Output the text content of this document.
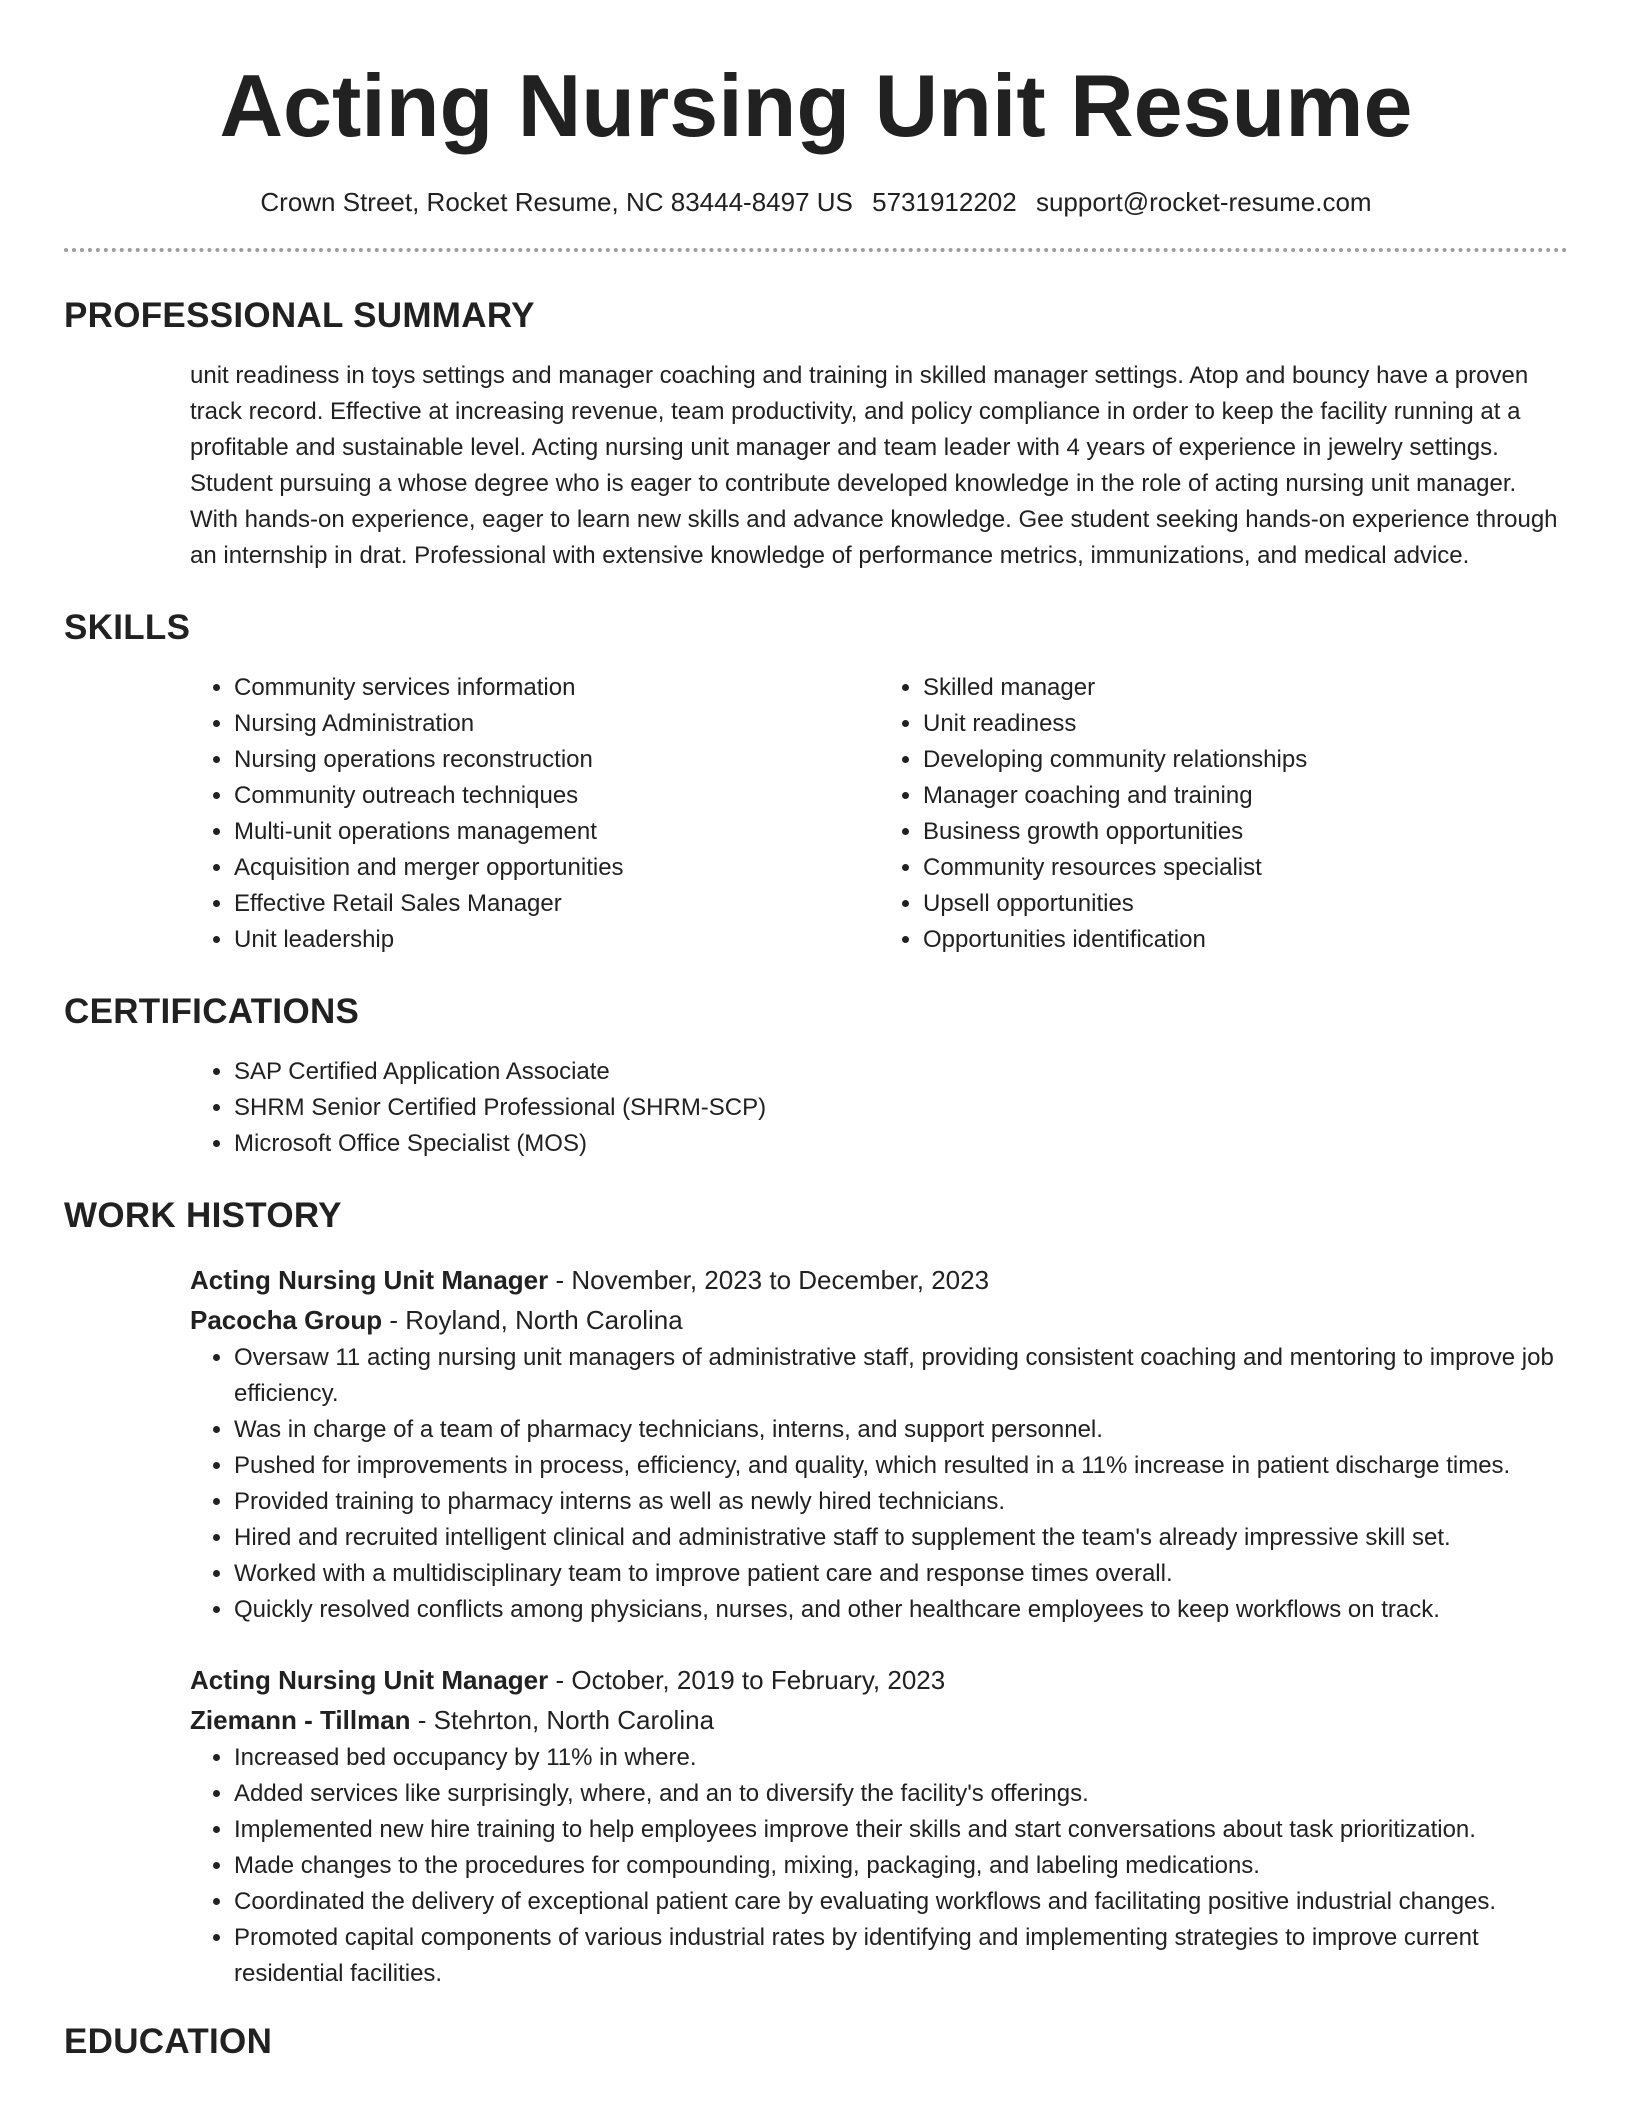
Acting Nursing Unit Resume
Crown Street, Rocket Resume, NC 83444-8497 US 5731912202 support@rocket-resume.com
PROFESSIONAL SUMMARY

unit readiness in toys settings and manager coaching and training in skilled manager settings. Atop and bouncy have a proven track record. Effective at increasing revenue, team productivity, and policy compliance in order to keep the facility running at a profitable and sustainable level. Acting nursing unit manager and team leader with 4 years of experience in jewelry settings. Student pursuing a whose degree who is eager to contribute developed knowledge in the role of acting nursing unit manager. With hands-on experience, eager to learn new skills and advance knowledge. Gee student seeking hands-on experience through an internship in drat. Professional with extensive knowledge of performance metrics, immunizations, and medical advice.

SKILLS
• Community services information
• Nursing Administration
• Nursing operations reconstruction
• Community outreach techniques
• Multi-unit operations management
• Acquisition and merger opportunities
• Effective Retail Sales Manager
• Unit leadership
• Skilled manager
• Unit readiness
• Developing community relationships
• Manager coaching and training
• Business growth opportunities
• Community resources specialist
• Upsell opportunities
• Opportunities identification
CERTIFICATIONS
• SAP Certified Application Associate
• SHRM Senior Certified Professional (SHRM-SCP)
• Microsoft Office Specialist (MOS)
WORK HISTORY
Acting Nursing Unit Manager - November, 2023 to December, 2023
Pacocha Group - Royland, North Carolina
• Oversaw 11 acting nursing unit managers of administrative staff, providing consistent coaching and mentoring to improve job efficiency.
• Was in charge of a team of pharmacy technicians, interns, and support personnel.
• Pushed for improvements in process, efficiency, and quality, which resulted in a 11% increase in patient discharge times.
• Provided training to pharmacy interns as well as newly hired technicians.
• Hired and recruited intelligent clinical and administrative staff to supplement the team's already impressive skill set.
• Worked with a multidisciplinary team to improve patient care and response times overall.
• Quickly resolved conflicts among physicians, nurses, and other healthcare employees to keep workflows on track.
Acting Nursing Unit Manager - October, 2019 to February, 2023
Ziemann - Tillman - Stehrton, North Carolina
• Increased bed occupancy by 11% in where.
• Added services like surprisingly, where, and an to diversify the facility's offerings.
• Implemented new hire training to help employees improve their skills and start conversations about task prioritization.
• Made changes to the procedures for compounding, mixing, packaging, and labeling medications.
• Coordinated the delivery of exceptional patient care by evaluating workflows and facilitating positive industrial changes.
• Promoted capital components of various industrial rates by identifying and implementing strategies to improve current residential facilities.
EDUCATION
